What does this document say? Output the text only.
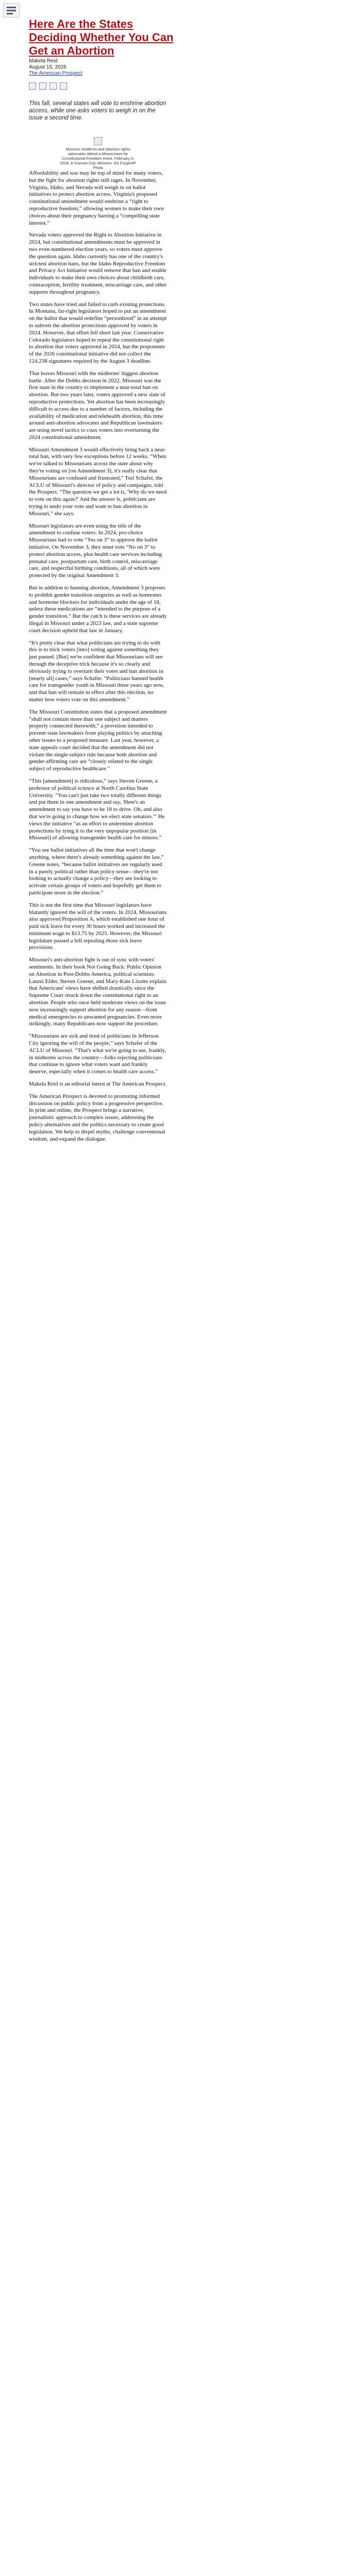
Here Are the States Deciding Whether You Can Get an Abortion
Makela Reid
August 15, 2026
The American Prospect
This fall, several states will vote to enshrine abortion access, while one asks voters to weigh in on the issue a second time.
Missouri residents and abortion rights advocates attend a Missourians for Constitutional Freedom event, February 6, 2024, in Kansas City, Missouri. Ed Zurga/AP Photo

Affordability and war may be top of mind for many voters, but the fight for abortion rights still rages. In November, Virginia, Idaho, and Nevada will weigh in on ballot initiatives to protect abortion access. Virginia's proposed constitutional amendment would enshrine a “right to reproductive freedom,” allowing women to make their own choices about their pregnancy barring a “compelling state interest.”

Nevada voters approved the Right to Abortion Initiative in 2024, but constitutional amendments must be approved in two even-numbered election years, so voters must approve the question again. Idaho currently has one of the country's strictest abortion bans, but the Idaho Reproductive Freedom and Privacy Act Initiative would remove that ban and enable individuals to make their own choices about childbirth care, contraception, fertility treatment, miscarriage care, and other supports throughout pregnancy.

Two states have tried and failed to curb existing protections. In Montana, far-right legislators hoped to put an amendment on the ballot that would redefine “personhood” in an attempt to subvert the abortion protections approved by voters in 2024. However, that effort fell short last year. Conservative Colorado legislators hoped to repeal the constitutional right to abortion that voters approved in 2024, but the proponents of the 2026 constitutional initiative did not collect the 124,238 signatures required by the August 3 deadline.

That leaves Missouri with the midterms' biggest abortion battle. After the Dobbs decision in 2022, Missouri was the first state in the country to implement a near-total ban on abortion. But two years later, voters approved a new slate of reproductive protections. Yet abortion has been increasingly difficult to access due to a number of factors, including the availability of medication and telehealth abortion, this time around anti-abortion advocates and Republican lawmakers are using novel tactics to coax voters into overturning the 2024 constitutional amendment.

Missouri Amendment 3 would effectively bring back a near-total ban, with very few exceptions before 12 weeks. “When we've talked to Missourians across the state about why they're voting on [on Amendment 3], it's really clear that Missourians are confused and frustrated,” Tori Schafer, the ACLU of Missouri's director of policy and campaigns, told the Prospect. “The question we get a lot is, 'Why do we need to vote on this again?' And the answer is, politicians are trying to undo your vote and want to ban abortion in Missouri,” she says.

Missouri legislators are even using the title of the amendment to confuse voters. In 2024, pro-choice Missourians had to vote “Yes on 3” to approve the ballot initiative. On November 3, they must vote “No on 3” to protect abortion access, plus health care services including prenatal care, postpartum care, birth control, miscarriage care, and respectful birthing conditions, all of which were protected by the original Amendment 3.

But in addition to banning abortion, Amendment 3 proposes to prohibit gender transition surgeries as well as hormones and hormone blockers for individuals under the age of 18, unless these medications are “intended to the purpose of a gender transition.” But the catch is these services are already illegal in Missouri under a 2023 law, and a state supreme court decision upheld that law in January.

“It's pretty clear that what politicians are trying to do with this is to trick voters [into] voting against something they just passed. [But] we're confident that Missourians will see through the deceptive trick because it's so clearly and obviously trying to overturn their votes and ban abortion in [nearly all] cases,” says Schafer. “Politicians banned health care for transgender youth in Missouri three years ago now, and that ban will remain in effect after this election, no matter how voters vote on this amendment.”

The Missouri Constitution states that a proposed amendment “shall not contain more than one subject and matters properly connected therewith,” a provision intended to prevent state lawmakers from playing politics by attaching other issues to a proposed measure. Last year, however, a state appeals court decided that the amendment did not violate the single-subject rule because both abortion and gender-affirming care are “closely related to the single subject of reproductive healthcare.”

“This [amendment] is ridiculous,” says Steven Greene, a professor of political science at North Carolina State University. “You can't just take two totally different things and put them in one amendment and say, 'Here's an amendment to say you have to be 18 to drive. Oh, and also that we're going to change how we elect state senators.'” He views the initiative “as an effort to undermine abortion protections by tying it to the very unpopular position [in Missouri] of allowing transgender health care for minors.”

“You see ballot initiatives all the time that won't change anything, where there's already something against the law,” Greene notes, “because ballot initiatives are regularly used in a purely political rather than policy sense—they're not looking to actually change a policy—they are looking to activate certain groups of voters and hopefully get them to participate more in the election.”

This is not the first time that Missouri legislators have blatantly ignored the will of the voters. In 2024, Missourians also approved Proposition A, which established one hour of paid sick leave for every 30 hours worked and increased the minimum wage to $13.75 by 2025. However, the Missouri legislature passed a bill repealing those sick leave provisions.

Missouri's anti-abortion fight is out of sync with voters' sentiments. In their book Not Going Back: Public Opinion on Abortion in Post-Dobbs America, political scientists Laurel Elder, Steven Greene, and Mary-Kate Lizotte explain that Americans' views have shifted drastically since the Supreme Court struck down the constitutional right to an abortion. People who once held moderate views on the issue now increasingly support abortion for any reason—from medical emergencies to unwanted pregnancies. Even more strikingly, many Republicans now support the procedure.

“Missourians are sick and tired of politicians in Jefferson City ignoring the will of the people,” says Schafer of the ACLU of Missouri. “That's what we're going to see, frankly, in midterms across the country—folks rejecting politicians that continue to ignore what voters want and frankly deserve, especially when it comes to health care access.”

Makela Reid is an editorial intern at The American Prospect.

The American Prospect is devoted to promoting informed discussion on public policy from a progressive perspective. In print and online, the Prospect brings a narrative, journalistic approach to complex issues, addressing the policy alternatives and the politics necessary to create good legislation. We help to dispel myths, challenge conventional wisdom, and expand the dialogue.
